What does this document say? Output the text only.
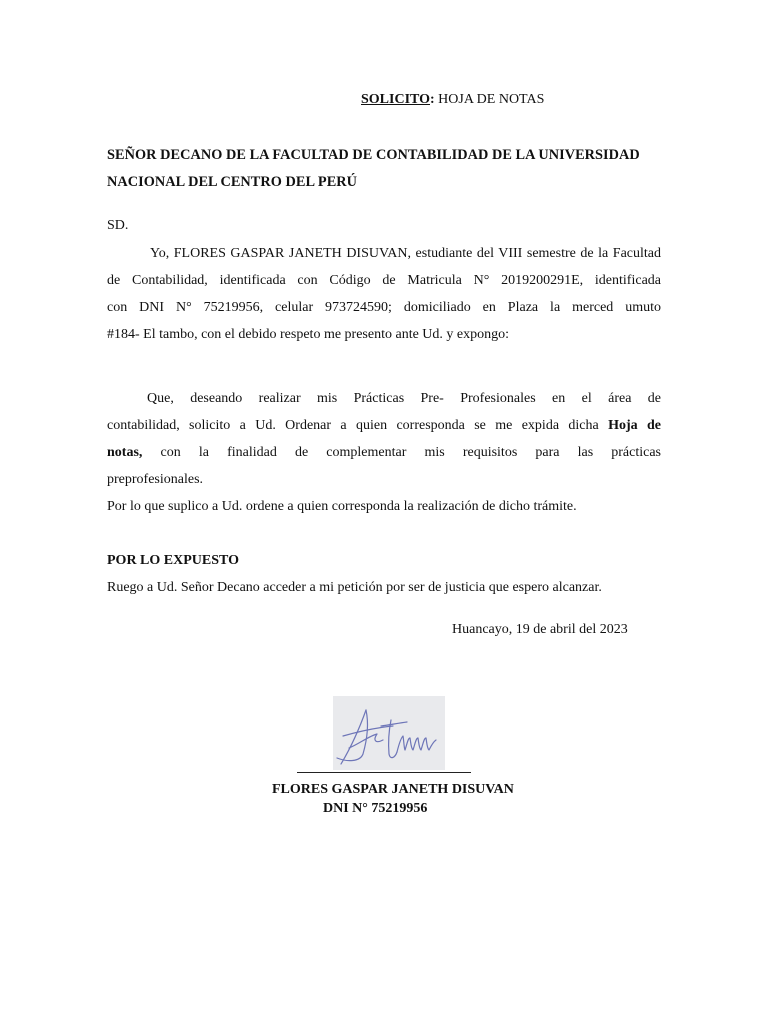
SOLICITO: HOJA DE NOTAS
SEÑOR DECANO DE LA FACULTAD DE CONTABILIDAD DE LA UNIVERSIDAD
NACIONAL DEL CENTRO DEL PERÚ
SD.
Yo, FLORES GASPAR JANETH DISUVAN, estudiante del VIII semestre de la Facultad
de Contabilidad, identificada con Código de Matricula N° 2019200291E, identificada
con DNI N° 75219956, celular 973724590; domiciliado en Plaza la merced umuto
#184- El tambo, con el debido respeto me presento ante Ud. y expongo:
Que, deseando realizar mis Prácticas Pre- Profesionales en el área de
contabilidad, solicito a Ud. Ordenar a quien corresponda se me expida dicha Hoja de
notas, con la finalidad de complementar mis requisitos para las prácticas
preprofesionales.
Por lo que suplico a Ud. ordene a quien corresponda la realización de dicho trámite.
POR LO EXPUESTO
Ruego a Ud. Señor Decano acceder a mi petición por ser de justicia que espero alcanzar.
Huancayo, 19 de abril del 2023
FLORES GASPAR JANETH DISUVAN
DNI N° 75219956
